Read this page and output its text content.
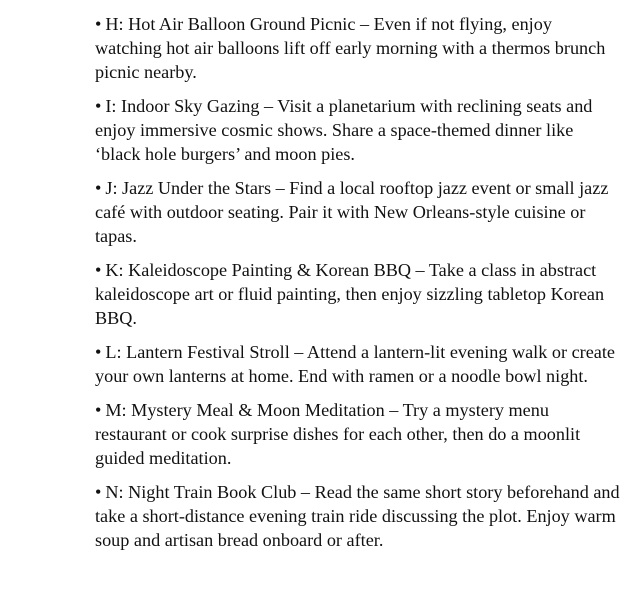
• H: Hot Air Balloon Ground Picnic – Even if not flying, enjoy watching hot air balloons lift off early morning with a thermos brunch picnic nearby.

• I: Indoor Sky Gazing – Visit a planetarium with reclining seats and enjoy immersive cosmic shows. Share a space-themed dinner like ‘black hole burgers’ and moon pies.

• J: Jazz Under the Stars – Find a local rooftop jazz event or small jazz café with outdoor seating. Pair it with New Orleans-style cuisine or tapas.

• K: Kaleidoscope Painting & Korean BBQ – Take a class in abstract kaleidoscope art or fluid painting, then enjoy sizzling tabletop Korean BBQ.

• L: Lantern Festival Stroll – Attend a lantern-lit evening walk or create your own lanterns at home. End with ramen or a noodle bowl night.

• M: Mystery Meal & Moon Meditation – Try a mystery menu restaurant or cook surprise dishes for each other, then do a moonlit guided meditation.

• N: Night Train Book Club – Read the same short story beforehand and take a short-distance evening train ride discussing the plot. Enjoy warm soup and artisan bread onboard or after.
